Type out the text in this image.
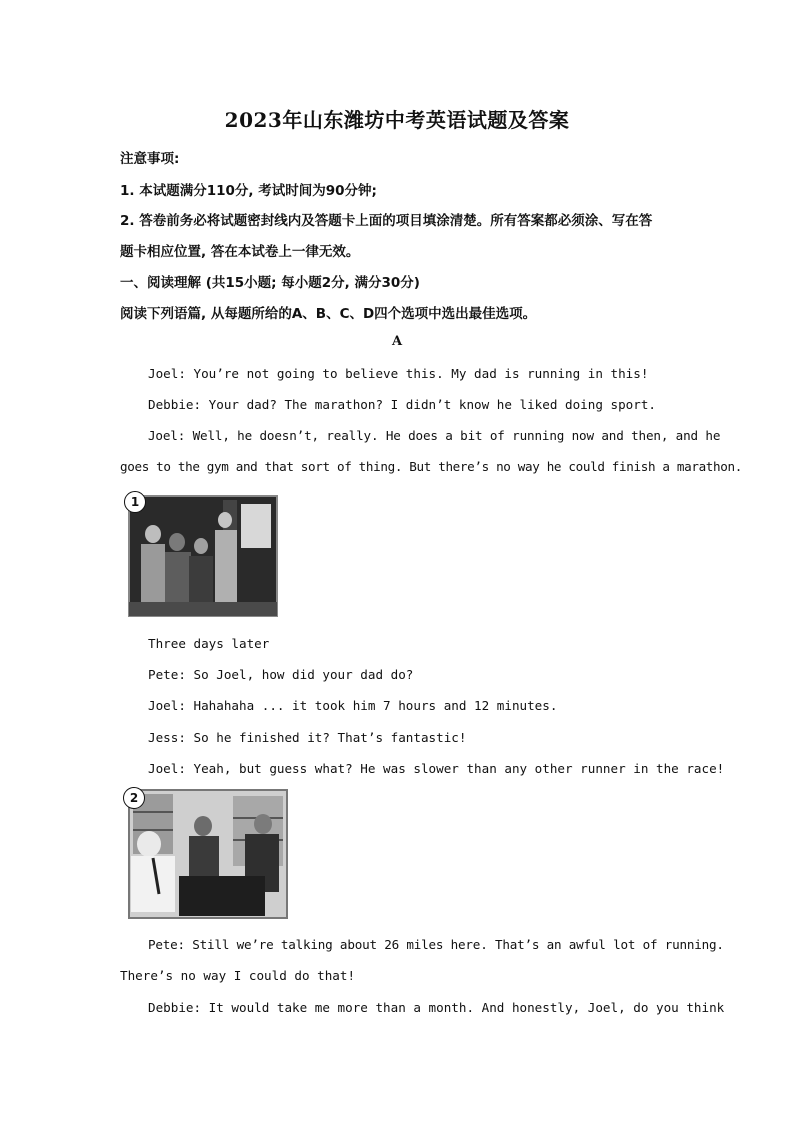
2023年山东潍坊中考英语试题及答案
注意事项:
1. 本试题满分110分, 考试时间为90分钟;
2. 答卷前务必将试题密封线内及答题卡上面的项目填涂清楚。所有答案都必须涂、写在答
题卡相应位置, 答在本试卷上一律无效。
一、阅读理解 (共15小题; 每小题2分, 满分30分)
阅读下列语篇, 从每题所给的A、B、C、D四个选项中选出最佳选项。
A
Joel: You’re not going to believe this. My dad is running in this!
Debbie: Your dad? The marathon? I didn’t know he liked doing sport.
Joel: Well, he doesn’t, really. He does a bit of running now and then, and he
goes to the gym and that sort of thing. But there’s no way he could finish a marathon.
1
Three days later
Pete: So Joel, how did your dad do?
Joel: Hahahaha ... it took him 7 hours and 12 minutes.
Jess: So he finished it? That’s fantastic!
Joel: Yeah, but guess what? He was slower than any other runner in the race!
2
Pete: Still we’re talking about 26 miles here. That’s an awful lot of running.
There’s no way I could do that!
Debbie: It would take me more than a month. And honestly, Joel, do you think
